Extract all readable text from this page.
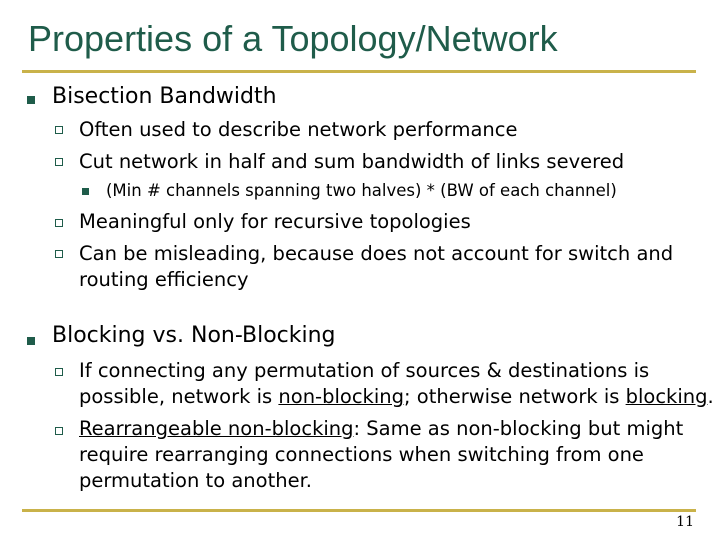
Properties of a Topology/Network
Bisection Bandwidth
Often used to describe network performance
Cut network in half and sum bandwidth of links severed
(Min # channels spanning two halves) * (BW of each channel)
Meaningful only for recursive topologies
Can be misleading, because does not account for switch and
routing efficiency
Blocking vs. Non-Blocking
If connecting any permutation of sources & destinations is
possible, network is non-blocking; otherwise network is blocking.
Rearrangeable non-blocking: Same as non-blocking but might
require rearranging connections when switching from one
permutation to another.
11
